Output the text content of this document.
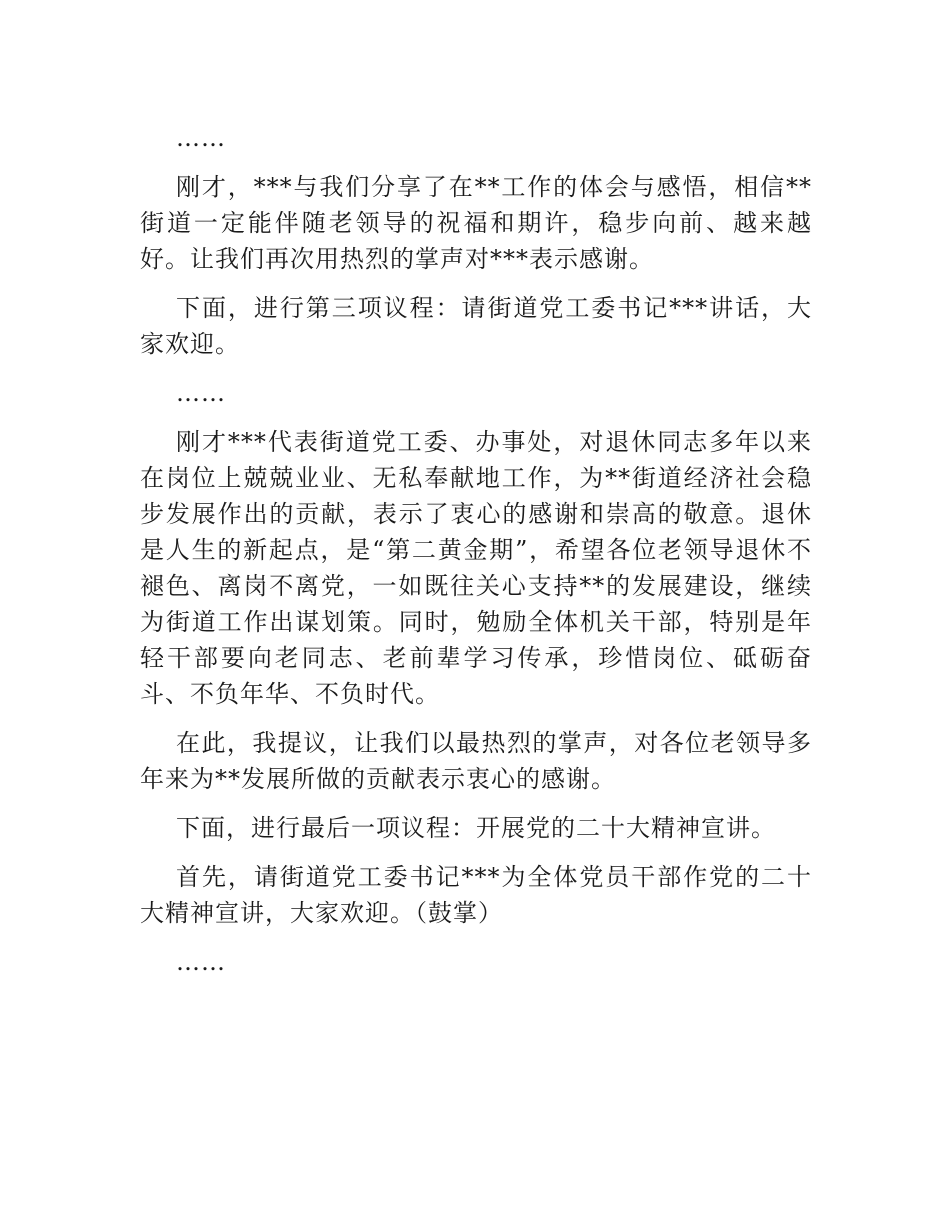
……

刚才，***与我们分享了在**工作的体会与感悟，相信**街道一定能伴随老领导的祝福和期许，稳步向前、越来越好。让我们再次用热烈的掌声对***表示感谢。

下面，进行第三项议程：请街道党工委书记***讲话，大家欢迎。

……

刚才***代表街道党工委、办事处，对退休同志多年以来在岗位上兢兢业业、无私奉献地工作，为**街道经济社会稳步发展作出的贡献，表示了衷心的感谢和崇高的敬意。退休是人生的新起点，是“第二黄金期”，希望各位老领导退休不褪色、离岗不离党，一如既往关心支持**的发展建设，继续为街道工作出谋划策。同时，勉励全体机关干部，特别是年轻干部要向老同志、老前辈学习传承，珍惜岗位、砥砺奋斗、不负年华、不负时代。

在此，我提议，让我们以最热烈的掌声，对各位老领导多年来为**发展所做的贡献表示衷心的感谢。

下面，进行最后一项议程：开展党的二十大精神宣讲。

首先，请街道党工委书记***为全体党员干部作党的二十大精神宣讲，大家欢迎。（鼓掌）

……
